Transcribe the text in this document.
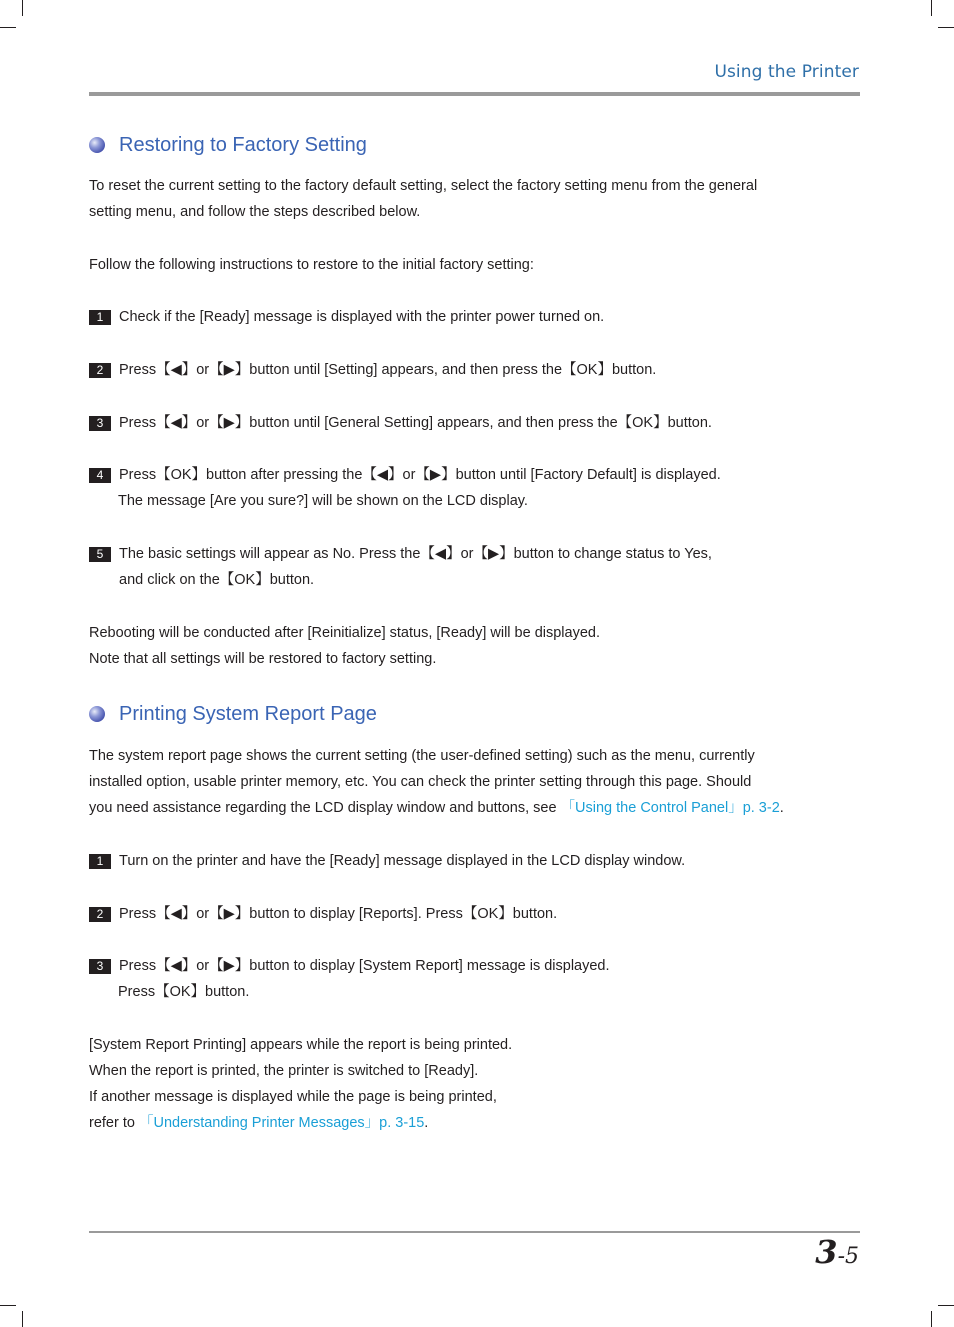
Using the Printer
Restoring to Factory Setting
To reset the current setting to the factory default setting, select the factory setting menu from the general
setting menu, and follow the steps described below.
Follow the following instructions to restore to the initial factory setting:
1	Check if the [Ready] message is displayed with the printer power turned on.
2	Press【◀】or【▶】button until [Setting] appears, and then press the【OK】button.
3	Press【◀】or【▶】button until [General Setting] appears, and then press the【OK】button.
4	Press【OK】button after pressing the【◀】or【▶】button until [Factory Default] is displayed.
The message [Are you sure?] will be shown on the LCD display.
5	The basic settings will appear as No. Press the【◀】or【▶】button to change status to Yes,
and click on the【OK】button.
Rebooting will be conducted after [Reinitialize] status, [Ready] will be displayed.
Note that all settings will be restored to factory setting.
Printing System Report Page
The system report page shows the current setting (the user-defined setting) such as the menu, currently
installed option, usable printer memory, etc. You can check the printer setting through this page. Should
you need assistance regarding the LCD display window and buttons, see 「Using the Control Panel」p. 3-2.
1	Turn on the printer and have the [Ready] message displayed in the LCD display window.
2	Press【◀】or【▶】button to display [Reports]. Press【OK】button.
3	Press【◀】or【▶】button to display [System Report] message is displayed.
Press【OK】button.
[System Report Printing] appears while the report is being printed.
When the report is printed, the printer is switched to [Ready].
If another message is displayed while the page is being printed,
refer to 「Understanding Printer Messages」p. 3-15.
3-5
